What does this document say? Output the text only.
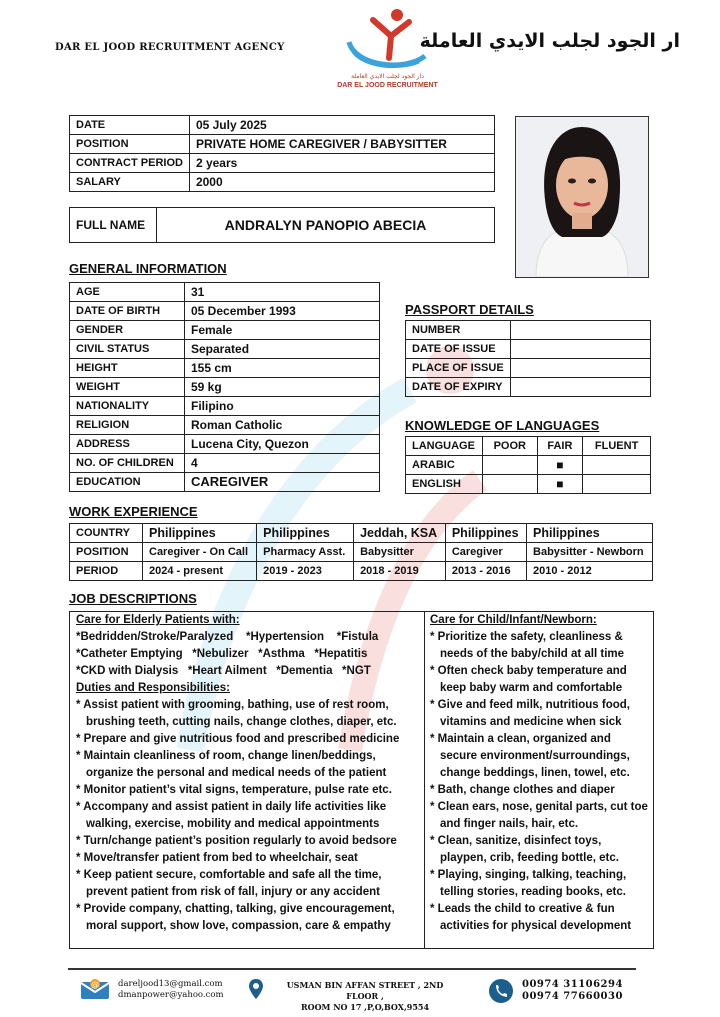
DAR EL JOOD RECRUITMENT AGENCY
دار الجود لجلب الايدي العاملة
DAR EL JOOD RECRUITMENT
ار الجود لجلب الايدي العاملة
DATE	05 July 2025
POSITION	PRIVATE HOME CAREGIVER / BABYSITTER
CONTRACT PERIOD	2 years
SALARY	2000
FULL NAME	ANDRALYN PANOPIO ABECIA
GENERAL INFORMATION
AGE	31
DATE OF BIRTH	05 December 1993
GENDER	Female
CIVIL STATUS	Separated
HEIGHT	155 cm
WEIGHT	59 kg
NATIONALITY	Filipino
RELIGION	Roman Catholic
ADDRESS	Lucena City, Quezon
NO. OF CHILDREN	4
EDUCATION	CAREGIVER
PASSPORT DETAILS
NUMBER	
DATE OF ISSUE	
PLACE OF ISSUE	
DATE OF EXPIRY	
KNOWLEDGE OF LANGUAGES
LANGUAGE	POOR	FAIR	FLUENT
ARABIC		■	
ENGLISH		■	
WORK EXPERIENCE
COUNTRY	Philippines	Philippines	Jeddah, KSA	Philippines	Philippines
POSITION	Caregiver - On Call	Pharmacy Asst.	Babysitter	Caregiver	Babysitter - Newborn
PERIOD	2024 - present	2019 - 2023	2018 - 2019	2013 - 2016	2010 - 2012
JOB DESCRIPTIONS
Care for Elderly Patients with:
*Bedridden/Stroke/Paralyzed    *Hypertension    *Fistula
*Catheter Emptying   *Nebulizer   *Asthma   *Hepatitis
*CKD with Dialysis   *Heart Ailment   *Dementia   *NGT
Duties and Responsibilities:
* Assist patient with grooming, bathing, use of rest room, brushing teeth, cutting nails, change clothes, diaper, etc.
* Prepare and give nutritious food and prescribed medicine
* Maintain cleanliness of room, change linen/beddings, organize the personal and medical needs of the patient
* Monitor patient’s vital signs, temperature, pulse rate etc.
* Accompany and assist patient in daily life activities like walking, exercise, mobility and medical appointments
* Turn/change patient’s position regularly to avoid bedsore
* Move/transfer patient from bed to wheelchair, seat
* Keep patient secure, comfortable and safe all the time, prevent patient from risk of fall, injury or any accident
* Provide company, chatting, talking, give encouragement, moral support, show love, compassion, care & empathy
Care for Child/Infant/Newborn:
* Prioritize the safety, cleanliness & needs of the baby/child at all time
* Often check baby temperature and keep baby warm and comfortable
* Give and feed milk, nutritious food, vitamins and medicine when sick
* Maintain a clean, organized and secure environment/surroundings, change beddings, linen, towel, etc.
* Bath, change clothes and diaper
* Clean ears, nose, genital parts, cut toe and finger nails, hair, etc.
* Clean, sanitize, disinfect toys, playpen, crib, feeding bottle, etc.
* Playing, singing, talking, teaching, telling stories, reading books, etc.
* Leads the child to creative & fun activities for physical development
@ dareljood13@gmail.com
dmanpower@yahoo.com
USMAN BIN AFFAN STREET , 2ND FLOOR ,
ROOM NO 17 ,P,O,BOX,9554
00974 31106294
00974 77660030
